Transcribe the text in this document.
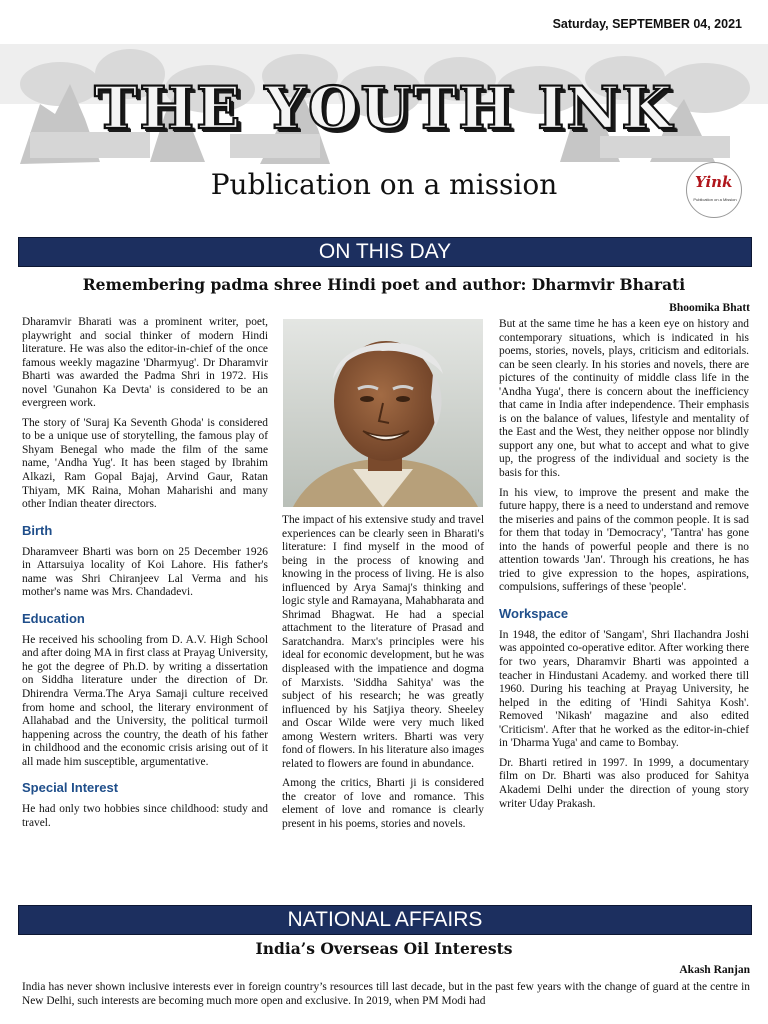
Saturday, SEPTEMBER 04, 2021
THE YOUTH INK
Publication on a mission	Yink
Publication on a Mission
ON THIS DAY
Remembering padma shree Hindi poet and author: Dharmvir Bharati
Bhoomika Bhatt

Dharamvir Bharati was a prominent writer, poet, playwright and social thinker of modern Hindi literature. He was also the editor-in-chief of the once famous weekly magazine 'Dharmyug'. Dr Dharamvir Bharti was awarded the Padma Shri in 1972. His novel 'Gunahon Ka Devta' is considered to be an evergreen work.

The story of 'Suraj Ka Seventh Ghoda' is considered to be a unique use of storytelling, the famous play of Shyam Benegal who made the film of the same name, 'Andha Yug'. It has been staged by Ibrahim Alkazi, Ram Gopal Bajaj, Arvind Gaur, Ratan Thiyam, MK Raina, Mohan Maharishi and many other Indian theater directors.

Birth

Dharamveer Bharti was born on 25 December 1926 in Attarsuiya locality of Koi Lahore. His father's name was Shri Chiranjeev Lal Verma and his mother's name was Mrs. Chandadevi.

Education

He received his schooling from D. A.V. High School and after doing MA in first class at Prayag University, he got the degree of Ph.D. by writing a dissertation on Siddha literature under the direction of Dr. Dhirendra Verma.The Arya Samaji culture received from home and school, the literary environment of Allahabad and the University, the political turmoil happening across the country, the death of his father in childhood and the economic crisis arising out of it all made him susceptible, argumentative.

Special Interest

He had only two hobbies since childhood: study and travel.

The impact of his extensive study and travel experiences can be clearly seen in Bharati's literature: I find myself in the mood of being in the process of knowing and knowing in the process of living. He is also influenced by Arya Samaj's thinking and logic style and Ramayana, Mahabharata and Shrimad Bhagwat. He had a special attachment to the literature of Prasad and Saratchandra. Marx's principles were his ideal for economic development, but he was displeased with the impatience and dogma of Marxists. 'Siddha Sahitya' was the subject of his research; he was greatly influenced by his Satjiya theory. Sheeley and Oscar Wilde were very much liked among Western writers. Bharti was very fond of flowers. In his literature also images related to flowers are found in abundance.

Among the critics, Bharti ji is considered the creator of love and romance. This element of love and romance is clearly present in his poems, stories and novels.

But at the same time he has a keen eye on history and contemporary situations, which is indicated in his poems, stories, novels, plays, criticism and editorials. can be seen clearly. In his stories and novels, there are pictures of the continuity of middle class life in the 'Andha Yuga', there is concern about the inefficiency that came in India after independence. Their emphasis is on the balance of values, lifestyle and mentality of the East and the West, they neither oppose nor blindly support any one, but what to accept and what to give up, the progress of the individual and society is the basis for this.

In his view, to improve the present and make the future happy, there is a need to understand and remove the miseries and pains of the common people. It is sad for them that today in 'Democracy', 'Tantra' has gone into the hands of powerful people and there is no attention towards 'Jan'. Through his creations, he has tried to give expression to the hopes, aspirations, compulsions, sufferings of these 'people'.

Workspace

In 1948, the editor of 'Sangam', Shri Ilachandra Joshi was appointed co-operative editor. After working there for two years, Dharamvir Bharti was appointed a teacher in Hindustani Academy. and worked there till 1960. During his teaching at Prayag University, he helped in the editing of 'Hindi Sahitya Kosh'. Removed 'Nikash' magazine and also edited 'Criticism'. After that he worked as the editor-in-chief in 'Dharma Yuga' and came to Bombay.

Dr. Bharti retired in 1997. In 1999, a documentary film on Dr. Bharti was also produced for Sahitya Akademi Delhi under the direction of young story writer Uday Prakash.

NATIONAL AFFAIRS
India’s Overseas Oil Interests
Akash Ranjan
India has never shown inclusive interests ever in foreign country’s resources till last decade, but in the past few years with the change of guard at the centre in New Delhi, such interests are becoming much more open and exclusive. In 2019, when PM Modi had
